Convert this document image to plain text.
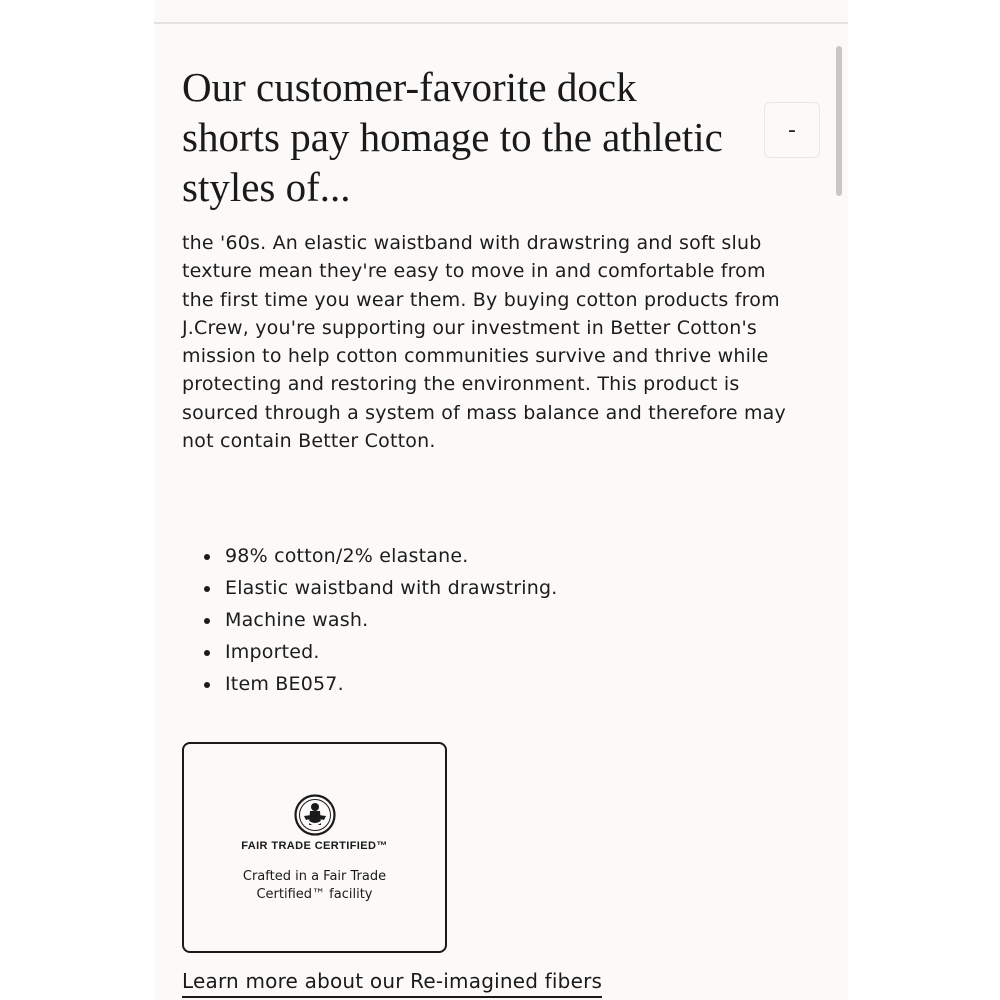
Our customer-favorite dock shorts pay homage to the athletic styles of...
-

the '60s. An elastic waistband with drawstring and soft slub texture mean they're easy to move in and comfortable from the first time you wear them. By buying cotton products from J.Crew, you're supporting our investment in Better Cotton's mission to help cotton communities survive and thrive while protecting and restoring the environment. This product is sourced through a system of mass balance and therefore may not contain Better Cotton.

98% cotton/2% elastane.
Elastic waistband with drawstring.
Machine wash.
Imported.
Item BE057.
FAIR TRADE CERTIFIED™
Crafted in a Fair Trade Certified™ facility
Learn more about our Re-imagined fibers
